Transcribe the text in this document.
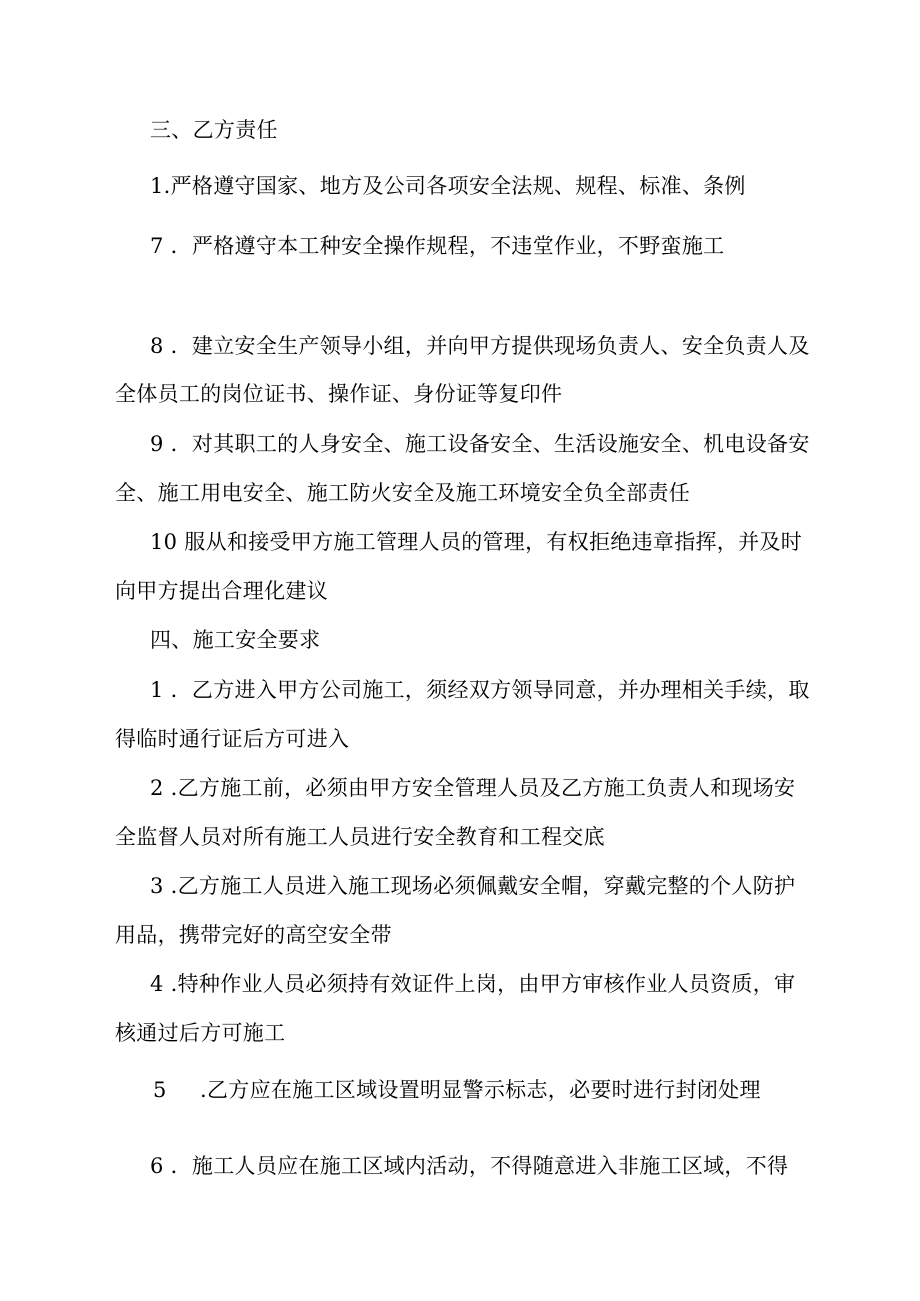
三、乙方责任
1.严格遵守国家、地方及公司各项安全法规、规程、标准、条例
7 ．严格遵守本工种安全操作规程，不违堂作业，不野蛮施工
8 ．建立安全生产领导小组，并向甲方提供现场负责人、安全负责人及
全体员工的岗位证书、操作证、身份证等复印件
9 ．对其职工的人身安全、施工设备安全、生活设施安全、机电设备安
全、施工用电安全、施工防火安全及施工环境安全负全部责任
10 服从和接受甲方施工管理人员的管理，有权拒绝违章指挥，并及时
向甲方提出合理化建议
四、施工安全要求
1 ．乙方进入甲方公司施工，须经双方领导同意，并办理相关手续，取
得临时通行证后方可进入
2 .乙方施工前，必须由甲方安全管理人员及乙方施工负责人和现场安
全监督人员对所有施工人员进行安全教育和工程交底
3 .乙方施工人员进入施工现场必须佩戴安全帽，穿戴完整的个人防护
用品，携带完好的高空安全带
4 .特种作业人员必须持有效证件上岗，由甲方审核作业人员资质，审
核通过后方可施工
5 .乙方应在施工区域设置明显警示标志，必要时进行封闭处理
6 ．施工人员应在施工区域内活动，不得随意进入非施工区域，不得
